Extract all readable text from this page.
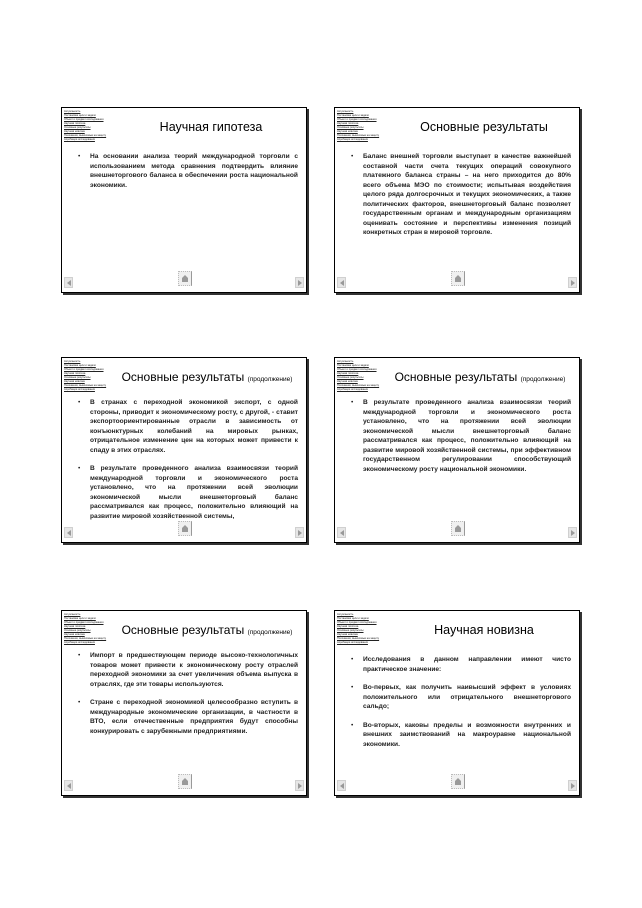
Актуальность
Постановка цели и задачи
Объект и предмет исследования
Научная гипотеза
Основные результаты
Научная новизна
Положения, выносимые на защиту
Апробация исследования
Научная гипотеза
• На основании анализа теорий международной торговли с использованием метода сравнения подтвердить влияние внешнеторгового баланса в обеспечении роста национальной экономики.
Актуальность
Постановка цели и задачи
Объект и предмет исследования
Научная гипотеза
Основные результаты
Научная новизна
Положения, выносимые на защиту
Апробация исследования
Основные результаты
• Баланс внешней торговли выступает в качестве важнейшей составной части счета текущих операций совокупного платежного баланса страны – на него приходится до 80% всего объема МЭО по стоимости; испытывая воздействия целого ряда долгосрочных и текущих экономических, а также политических факторов, внешнеторговый баланс позволяет государственным органам и международным организациям оценивать состояние и перспективы изменения позиций конкретных стран в мировой торговле.
Актуальность
Постановка цели и задачи
Объект и предмет исследования
Научная гипотеза
Основные результаты
Научная новизна
Положения, выносимые на защиту
Апробация исследования
Основные результаты (продолжение)
• В странах с переходной экономикой экспорт, с одной стороны, приводит к экономическому росту, с другой, - ставит экспортоориентированные отрасли в зависимость от конъюнктурных колебаний на мировых рынках, отрицательное изменение цен на которых может привести к спаду в этих отраслях.
• В результате проведенного анализа взаимосвязи теорий международной торговли и экономического роста установлено, что на протяжении всей эволюции экономической мысли внешнеторговый баланс рассматривался как процесс, положительно влияющий на развитие мировой хозяйственной системы,
Актуальность
Постановка цели и задачи
Объект и предмет исследования
Научная гипотеза
Основные результаты
Научная новизна
Положения, выносимые на защиту
Апробация исследования
Основные результаты (продолжение)
• В результате проведенного анализа взаимосвязи теорий международной торговли и экономического роста установлено, что на протяжении всей эволюции экономической мысли внешнеторговый баланс рассматривался как процесс, положительно влияющий на развитие мировой хозяйственной системы, при эффективном государственном регулировании способствующий экономическому росту национальной экономики.
Актуальность
Постановка цели и задачи
Объект и предмет исследования
Научная гипотеза
Основные результаты
Научная новизна
Положения, выносимые на защиту
Апробация исследования
Основные результаты (продолжение)
• Импорт в предшествующем периоде высоко-технологичных товаров может привести к экономическому росту отраслей переходной экономики за счет увеличения объема выпуска в отраслях, где эти товары используются.
• Стране с переходной экономикой целесообразно вступить в международные экономические организации, в частности в ВТО, если отечественные предприятия будут способны конкурировать с зарубежными предприятиями.
Актуальность
Постановка цели и задачи
Объект и предмет исследования
Научная гипотеза
Основные результаты
Научная новизна
Положения, выносимые на защиту
Апробация исследования
Научная новизна
• Исследования в данном направлении имеют чисто практическое значение:
• Во-первых, как получить наивысший эффект в условиях положительного или отрицательного внешнеторгового сальдо;
• Во-вторых, каковы пределы и возможности внутренних и внешних заимствований на макроуравне национальной экономики.
